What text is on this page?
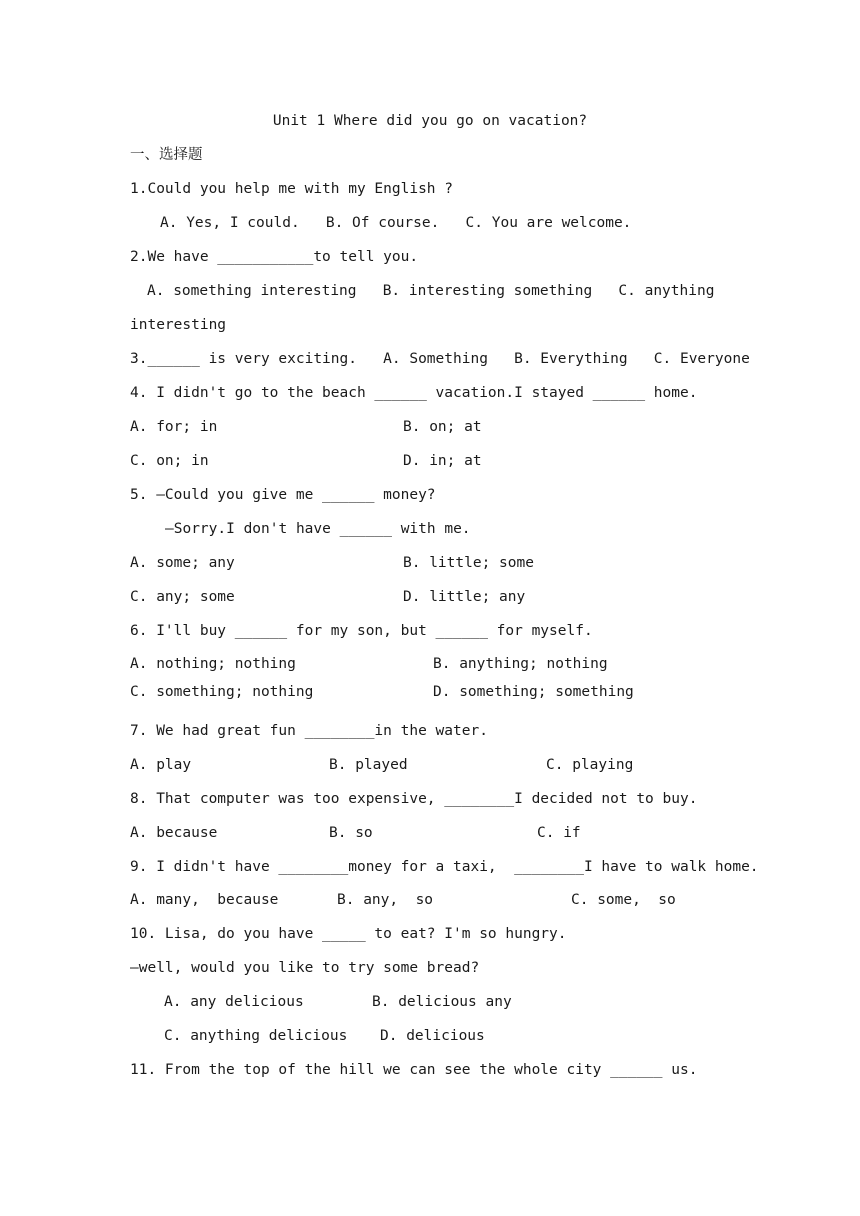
Unit 1 Where did you go on vacation?
一、选择题
1.Could you help me with my English ?
A. Yes, I could.   B. Of course.   C. You are welcome.
2.We have ___________to tell you.
A. something interesting   B. interesting something   C. anything
interesting
3.______ is very exciting.   A. Something   B. Everything   C. Everyone
4. I didn't go to the beach ______ vacation.I stayed ______ home.
A. for; in	B. on; at
C. on; in	D. in; at
5. —Could you give me ______ money?
—Sorry.I don't have ______ with me.
A. some; any	B. little; some
C. any; some	D. little; any
6. I'll buy ______ for my son, but ______ for myself.
A. nothing; nothing	B. anything; nothing
C. something; nothing	D. something; something
7. We had great fun ________in the water.
A. play	B. played	C. playing
8. That computer was too expensive, ________I decided not to buy.
A. because	B. so	C. if
9. I didn't have ________money for a taxi,  ________I have to walk home.
A. many,  because	B. any,  so	C. some,  so
10. Lisa, do you have _____ to eat? I'm so hungry.
–well, would you like to try some bread?
A. any delicious	B. delicious any
C. anything delicious D. delicious
11. From the top of the hill we can see the whole city ______ us.
